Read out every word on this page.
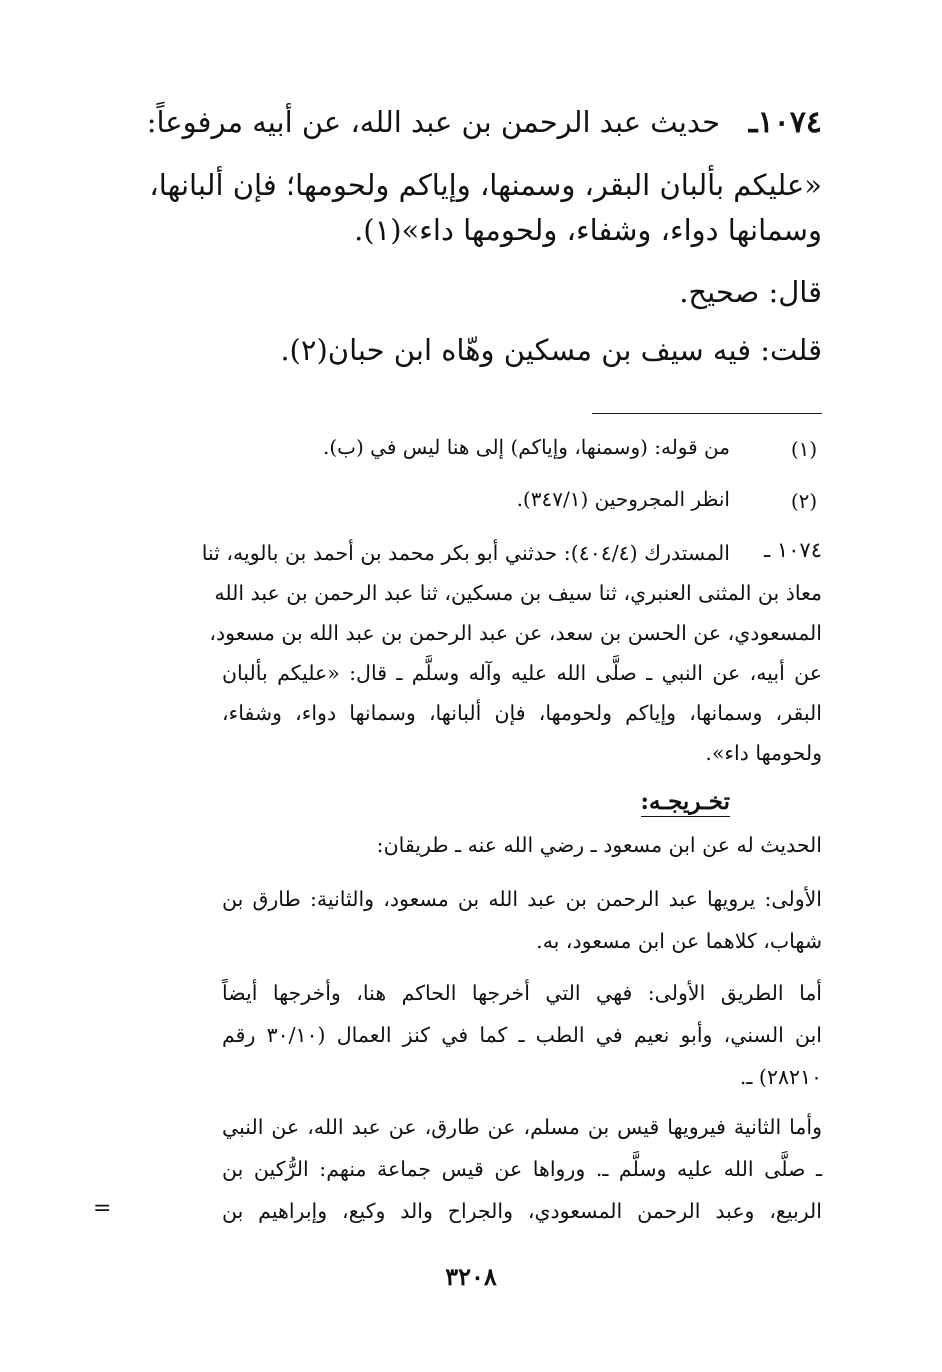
١٠٧٤ـ

حديث عبد الرحمن بن عبد الله، عن أبيه مرفوعاً:

«عليكم بألبان البقر، وسمنها، وإياكم ولحومها؛ فإن ألبانها،

وسمانها دواء، وشفاء، ولحومها داء»(١).

قال: صحيح.

قلت: فيه سيف بن مسكين وهّاه ابن حبان(٢).

(١)

من قوله: (وسمنها، وإياكم) إلى هنا ليس في (ب).

(٢)

انظر المجروحين (٣٤٧/١).

١٠٧٤ ـ

المستدرك (٤٠٤/٤): حدثني أبو بكر محمد بن أحمد بن بالويه، ثنا

معاذ بن المثنى العنبري، ثنا سيف بن مسكين، ثنا عبد الرحمن بن عبد الله

المسعودي، عن الحسن بن سعد، عن عبد الرحمن بن عبد الله بن مسعود،

عن أبيه، عن النبي ـ صلَّى الله عليه وآله وسلَّم ـ قال: «عليكم بألبان

البقر، وسمانها، وإياكم ولحومها، فإن ألبانها، وسمانها دواء، وشفاء،

ولحومها داء».

تخـريجـه:

الحديث له عن ابن مسعود ـ رضي الله عنه ـ طريقان:

الأولى: يرويها عبد الرحمن بن عبد الله بن مسعود، والثانية: طارق بن

شهاب، كلاهما عن ابن مسعود، به.

أما الطريق الأولى: فهي التي أخرجها الحاكم هنا، وأخرجها أيضاً

ابن السني، وأبو نعيم في الطب ـ كما في كنز العمال (٣٠/١٠ رقم

٢٨٢١٠) ـ.

وأما الثانية فيرويها قيس بن مسلم، عن طارق، عن عبد الله، عن النبي

ـ صلَّى الله عليه وسلَّم ـ. ورواها عن قيس جماعة منهم: الرُّكين بن

الربيع، وعبد الرحمن المسعودي، والجراح والد وكيع، وإبراهيم بن

=

٣٢٠٨
